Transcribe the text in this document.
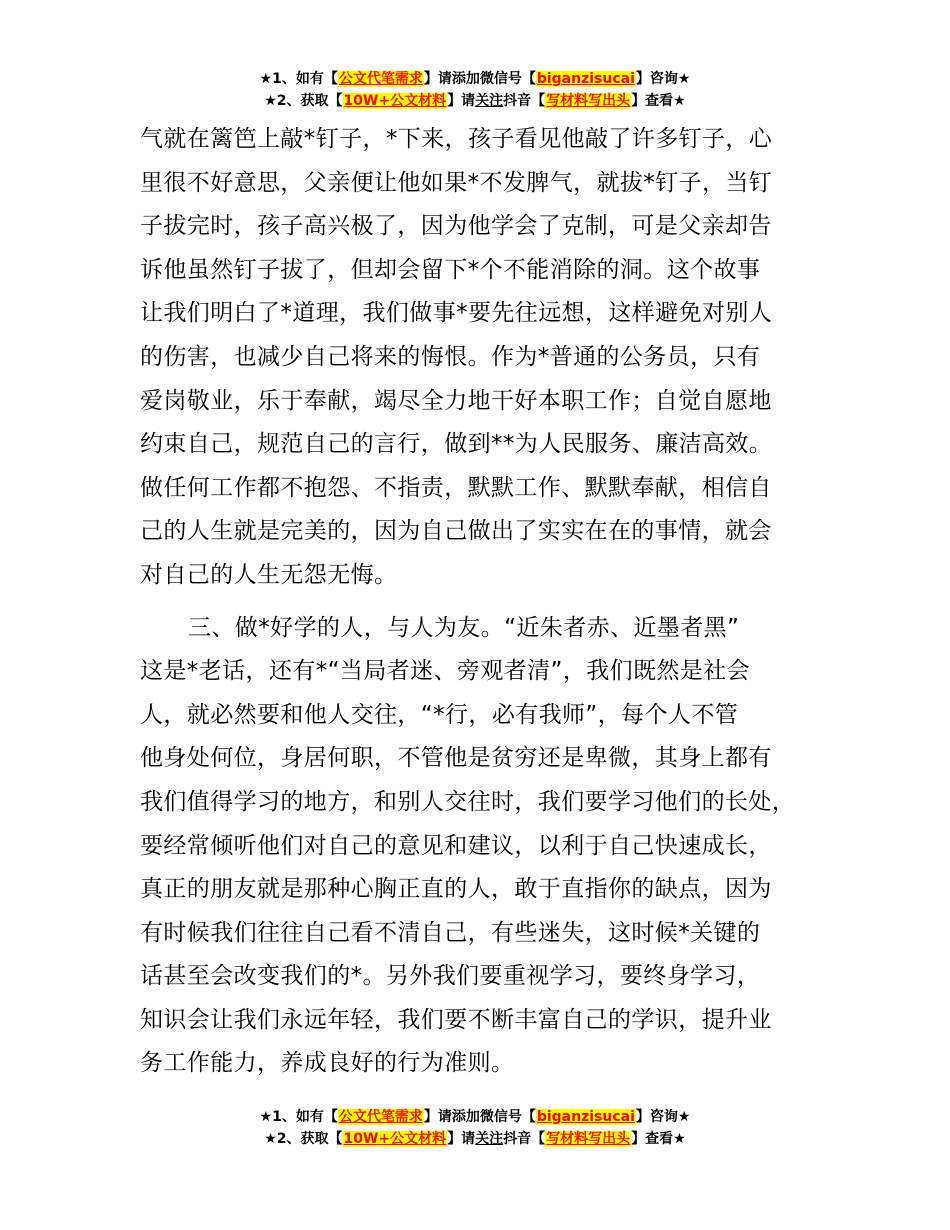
★1、如有【公文代笔需求】请添加微信号【biganzisucai】咨询★
★2、获取【10W+公文材料】请关注抖音【写材料写出头】查看★
气就在篱笆上敲*钉子，*下来，孩子看见他敲了许多钉子，心
里很不好意思，父亲便让他如果*不发脾气，就拔*钉子，当钉
子拔完时，孩子高兴极了，因为他学会了克制，可是父亲却告
诉他虽然钉子拔了，但却会留下*个不能消除的洞。这个故事
让我们明白了*道理，我们做事*要先往远想，这样避免对别人
的伤害，也减少自己将来的悔恨。作为*普通的公务员，只有
爱岗敬业，乐于奉献，竭尽全力地干好本职工作；自觉自愿地
约束自己，规范自己的言行，做到**为人民服务、廉洁高效。
做任何工作都不抱怨、不指责，默默工作、默默奉献，相信自
己的人生就是完美的，因为自己做出了实实在在的事情，就会
对自己的人生无怨无悔。
三、做*好学的人，与人为友。“近朱者赤、近墨者黑”
这是*老话，还有*“当局者迷、旁观者清”，我们既然是社会
人，就必然要和他人交往，“*行，必有我师”，每个人不管
他身处何位，身居何职，不管他是贫穷还是卑微，其身上都有
我们值得学习的地方，和别人交往时，我们要学习他们的长处，
要经常倾听他们对自己的意见和建议，以利于自己快速成长，
真正的朋友就是那种心胸正直的人，敢于直指你的缺点，因为
有时候我们往往自己看不清自己，有些迷失，这时候*关键的
话甚至会改变我们的*。另外我们要重视学习，要终身学习，
知识会让我们永远年轻，我们要不断丰富自己的学识，提升业
务工作能力，养成良好的行为准则。
★1、如有【公文代笔需求】请添加微信号【biganzisucai】咨询★
★2、获取【10W+公文材料】请关注抖音【写材料写出头】查看★
